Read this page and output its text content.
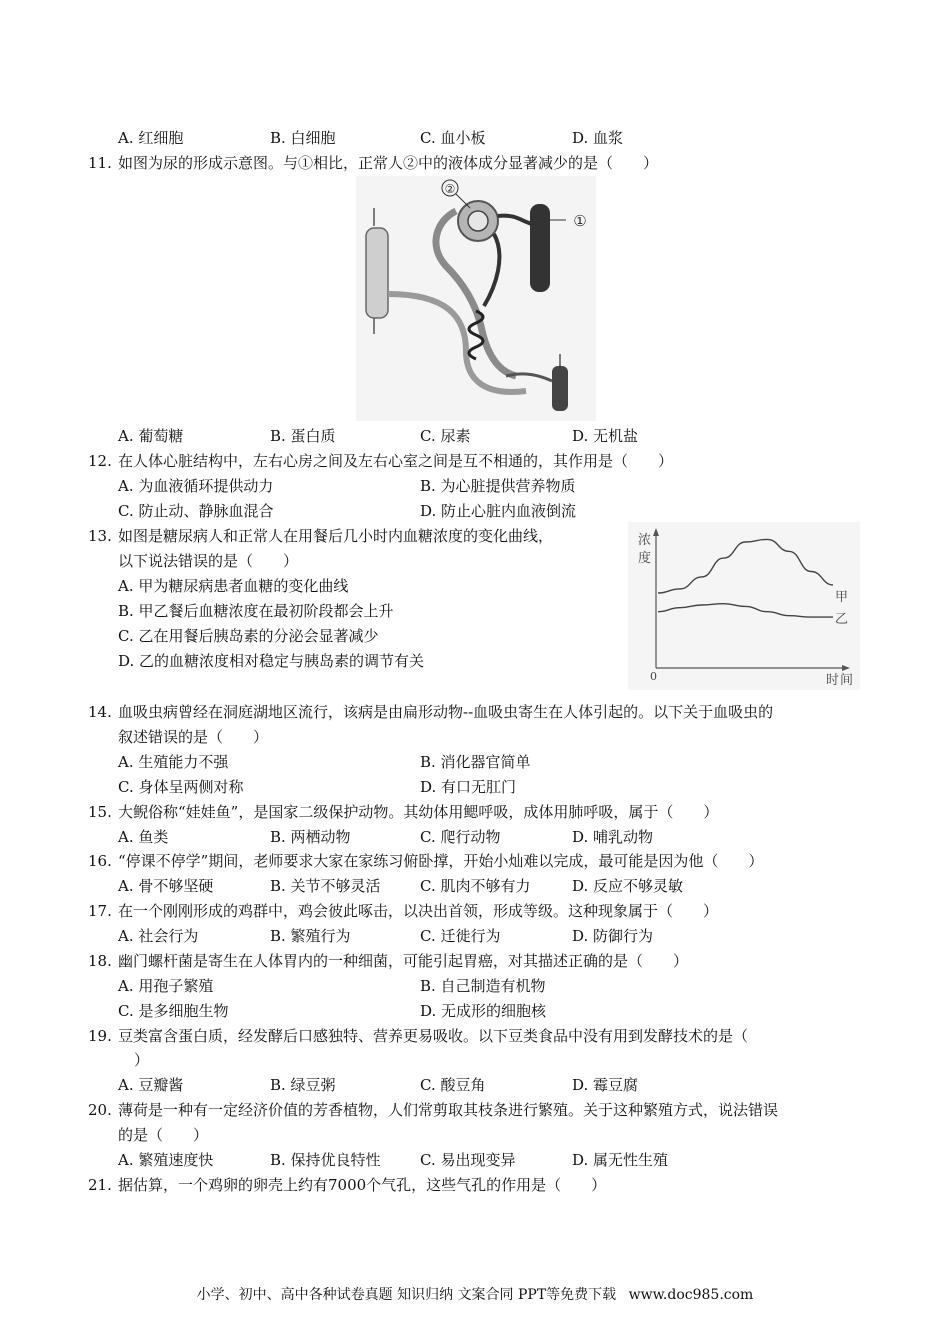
A. 红细胞	B. 白细胞	C. 血小板	D. 血浆
11. 如图为尿的形成示意图。与①相比，正常人②中的液体成分显著减少的是（　　）
②
①
A. 葡萄糖	B. 蛋白质	C. 尿素	D. 无机盐
12. 在人体心脏结构中，左右心房之间及左右心室之间是互不相通的，其作用是（　　）
A. 为血液循环提供动力	B. 为心脏提供营养物质
C. 防止动、静脉血混合	D. 防止心脏内血液倒流
13. 如图是糖尿病人和正常人在用餐后几小时内血糖浓度的变化曲线，
以下说法错误的是（　　）
A. 甲为糖尿病患者血糖的变化曲线
B. 甲乙餐后血糖浓度在最初阶段都会上升
C. 乙在用餐后胰岛素的分泌会显著减少
D. 乙的血糖浓度相对稳定与胰岛素的调节有关
浓
度
时 间
0
甲
乙
14. 血吸虫病曾经在洞庭湖地区流行，该病是由扁形动物--血吸虫寄生在人体引起的。以下关于血吸虫的
叙述错误的是（　　）
A. 生殖能力不强	B. 消化器官简单
C. 身体呈两侧对称	D. 有口无肛门
15. 大鲵俗称“娃娃鱼”，是国家二级保护动物。其幼体用鳃呼吸，成体用肺呼吸，属于（　　）
A. 鱼类	B. 两栖动物	C. 爬行动物	D. 哺乳动物
16. “停课不停学”期间，老师要求大家在家练习俯卧撑，开始小灿难以完成，最可能是因为他（　　）
A. 骨不够坚硬	B. 关节不够灵活	C. 肌肉不够有力	D. 反应不够灵敏
17. 在一个刚刚形成的鸡群中，鸡会彼此啄击，以决出首领，形成等级。这种现象属于（　　）
A. 社会行为	B. 繁殖行为	C. 迁徙行为	D. 防御行为
18. 幽门螺杆菌是寄生在人体胃内的一种细菌，可能引起胃癌，对其描述正确的是（　　）
A. 用孢子繁殖	B. 自己制造有机物
C. 是多细胞生物	D. 无成形的细胞核
19. 豆类富含蛋白质，经发酵后口感独特、营养更易吸收。以下豆类食品中没有用到发酵技术的是（
）
A. 豆瓣酱	B. 绿豆粥	C. 酸豆角	D. 霉豆腐
20. 薄荷是一种有一定经济价值的芳香植物，人们常剪取其枝条进行繁殖。关于这种繁殖方式，说法错误
的是（　　）
A. 繁殖速度快	B. 保持优良特性	C. 易出现变异	D. 属无性生殖
21. 据估算，一个鸡卵的卵壳上约有7000个气孔，这些气孔的作用是（　　）
小学、初中、高中各种试卷真题 知识归纳 文案合同 PPT等免费下载 www.doc985.com
